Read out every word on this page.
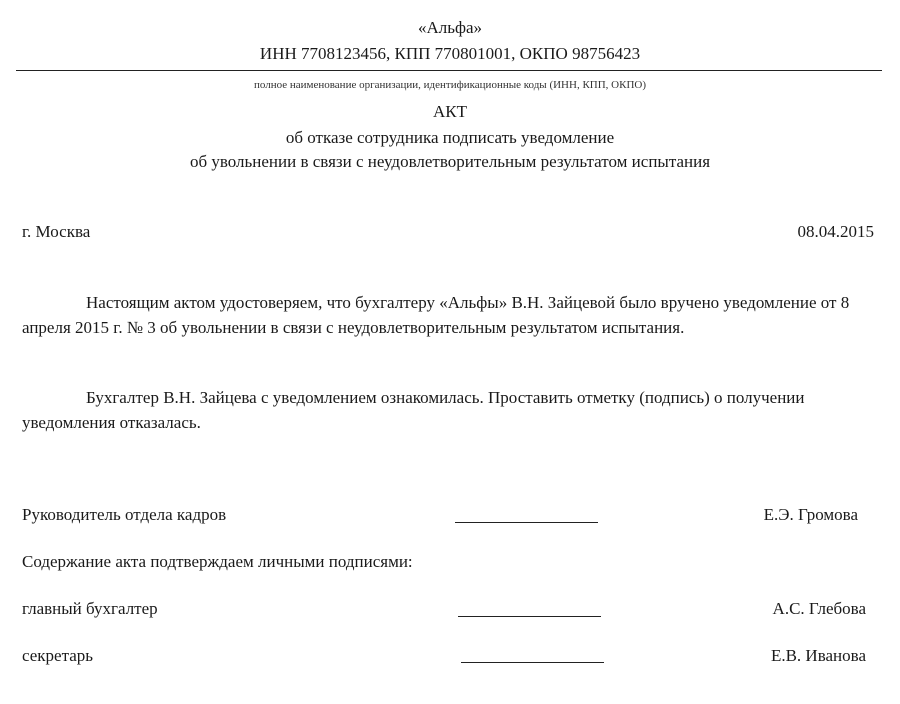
«Альфа»
ИНН 7708123456, КПП 770801001, ОКПО 98756423
полное наименование организации, идентификационные коды (ИНН, КПП, ОКПО)
АКТ
об отказе сотрудника подписать уведомление
об увольнении в связи с неудовлетворительным результатом испытания
г. Москва	08.04.2015
Настоящим актом удостоверяем, что бухгалтеру «Альфы» В.Н. Зайцевой было вручено уведомление от 8 апреля 2015 г. № 3 об увольнении в связи с неудовлетворительным результатом испытания.
Бухгалтер В.Н. Зайцева с уведомлением ознакомилась. Проставить отметку (подпись) о получении уведомления отказалась.
Руководитель отдела кадров	Е.Э. Громова
Содержание акта подтверждаем личными подписями:
главный бухгалтер	А.С. Глебова
секретарь	Е.В. Иванова
